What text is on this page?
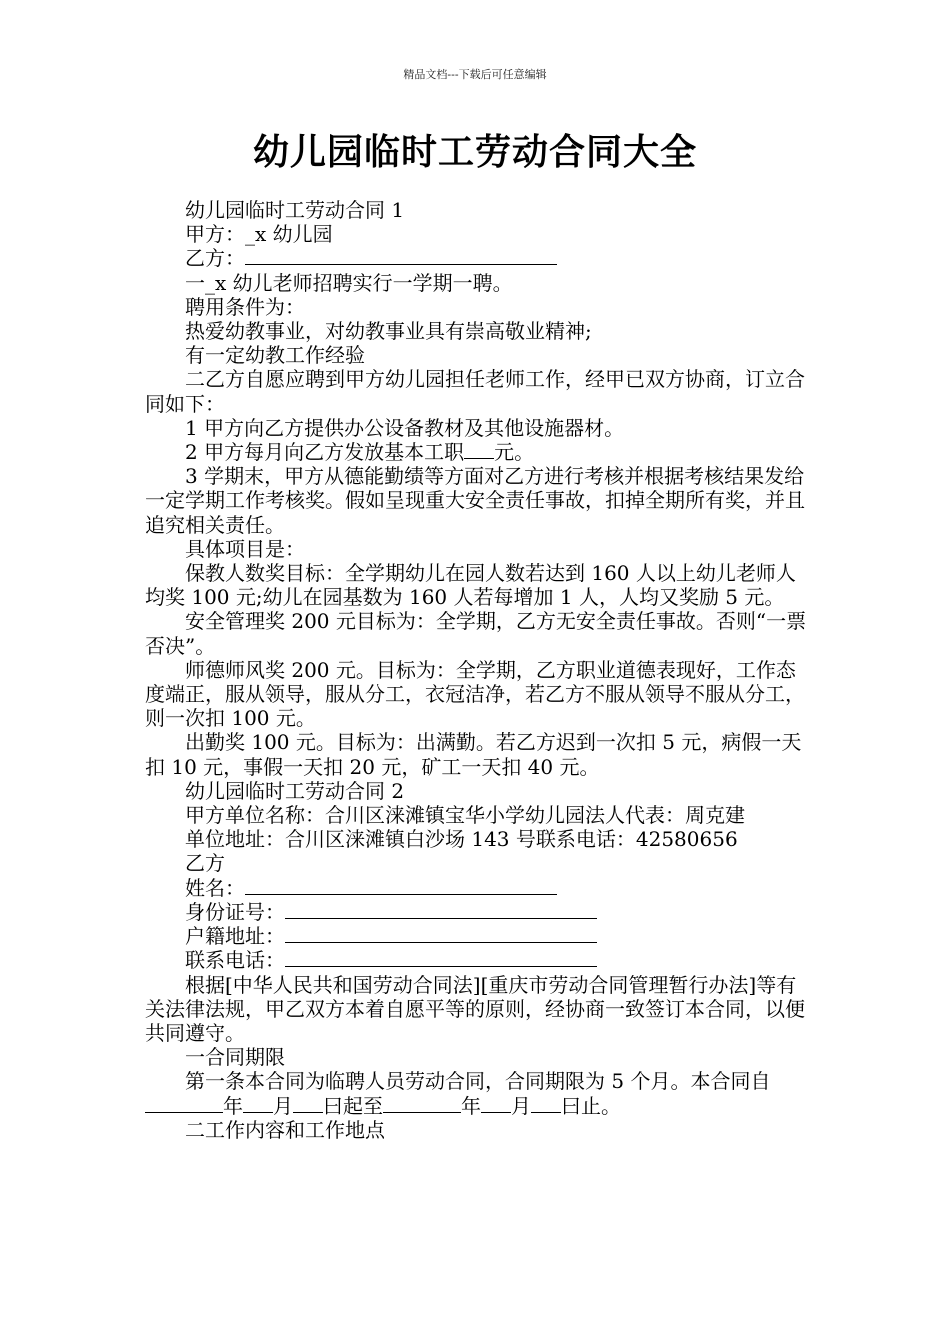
精品文档---下载后可任意编辑
幼儿园临时工劳动合同大全

幼儿园临时工劳动合同 1

甲方：_x 幼儿园

乙方：

一_x 幼儿老师招聘实行一学期一聘。

聘用条件为：

热爱幼教事业，对幼教事业具有崇高敬业精神;

有一定幼教工作经验

二乙方自愿应聘到甲方幼儿园担任老师工作，经甲已双方协商，订立合同如下：

1 甲方向乙方提供办公设备教材及其他设施器材。

2 甲方每月向乙方发放基本工职 元。

3 学期末，甲方从德能勤绩等方面对乙方进行考核并根据考核结果发给一定学期工作考核奖。假如呈现重大安全责任事故，扣掉全期所有奖，并且追究相关责任。

具体项目是：

保教人数奖目标：全学期幼儿在园人数若达到 160 人以上幼儿老师人均奖 100 元;幼儿在园基数为 160 人若每增加 1 人，人均又奖励 5 元。

安全管理奖 200 元目标为：全学期，乙方无安全责任事故。否则“一票否决”。

师德师风奖 200 元。目标为：全学期，乙方职业道德表现好，工作态度端正，服从领导，服从分工，衣冠洁净，若乙方不服从领导不服从分工，则一次扣 100 元。

出勤奖 100 元。目标为：出满勤。若乙方迟到一次扣 5 元，病假一天扣 10 元，事假一天扣 20 元，矿工一天扣 40 元。

幼儿园临时工劳动合同 2

甲方单位名称：合川区涞滩镇宝华小学幼儿园法人代表：周克建

单位地址：合川区涞滩镇白沙场 143 号联系电话：42580656

乙方

姓名：

身份证号：

户籍地址：

联系电话：

根据[中华人民共和国劳动合同法][重庆市劳动合同管理暂行办法]等有关法律法规，甲乙双方本着自愿平等的原则，经协商一致签订本合同，以便共同遵守。

一合同期限

第一条本合同为临聘人员劳动合同，合同期限为 5 个月。本合同自年 月 曰起至	年 月 曰止。

二工作内容和工作地点
